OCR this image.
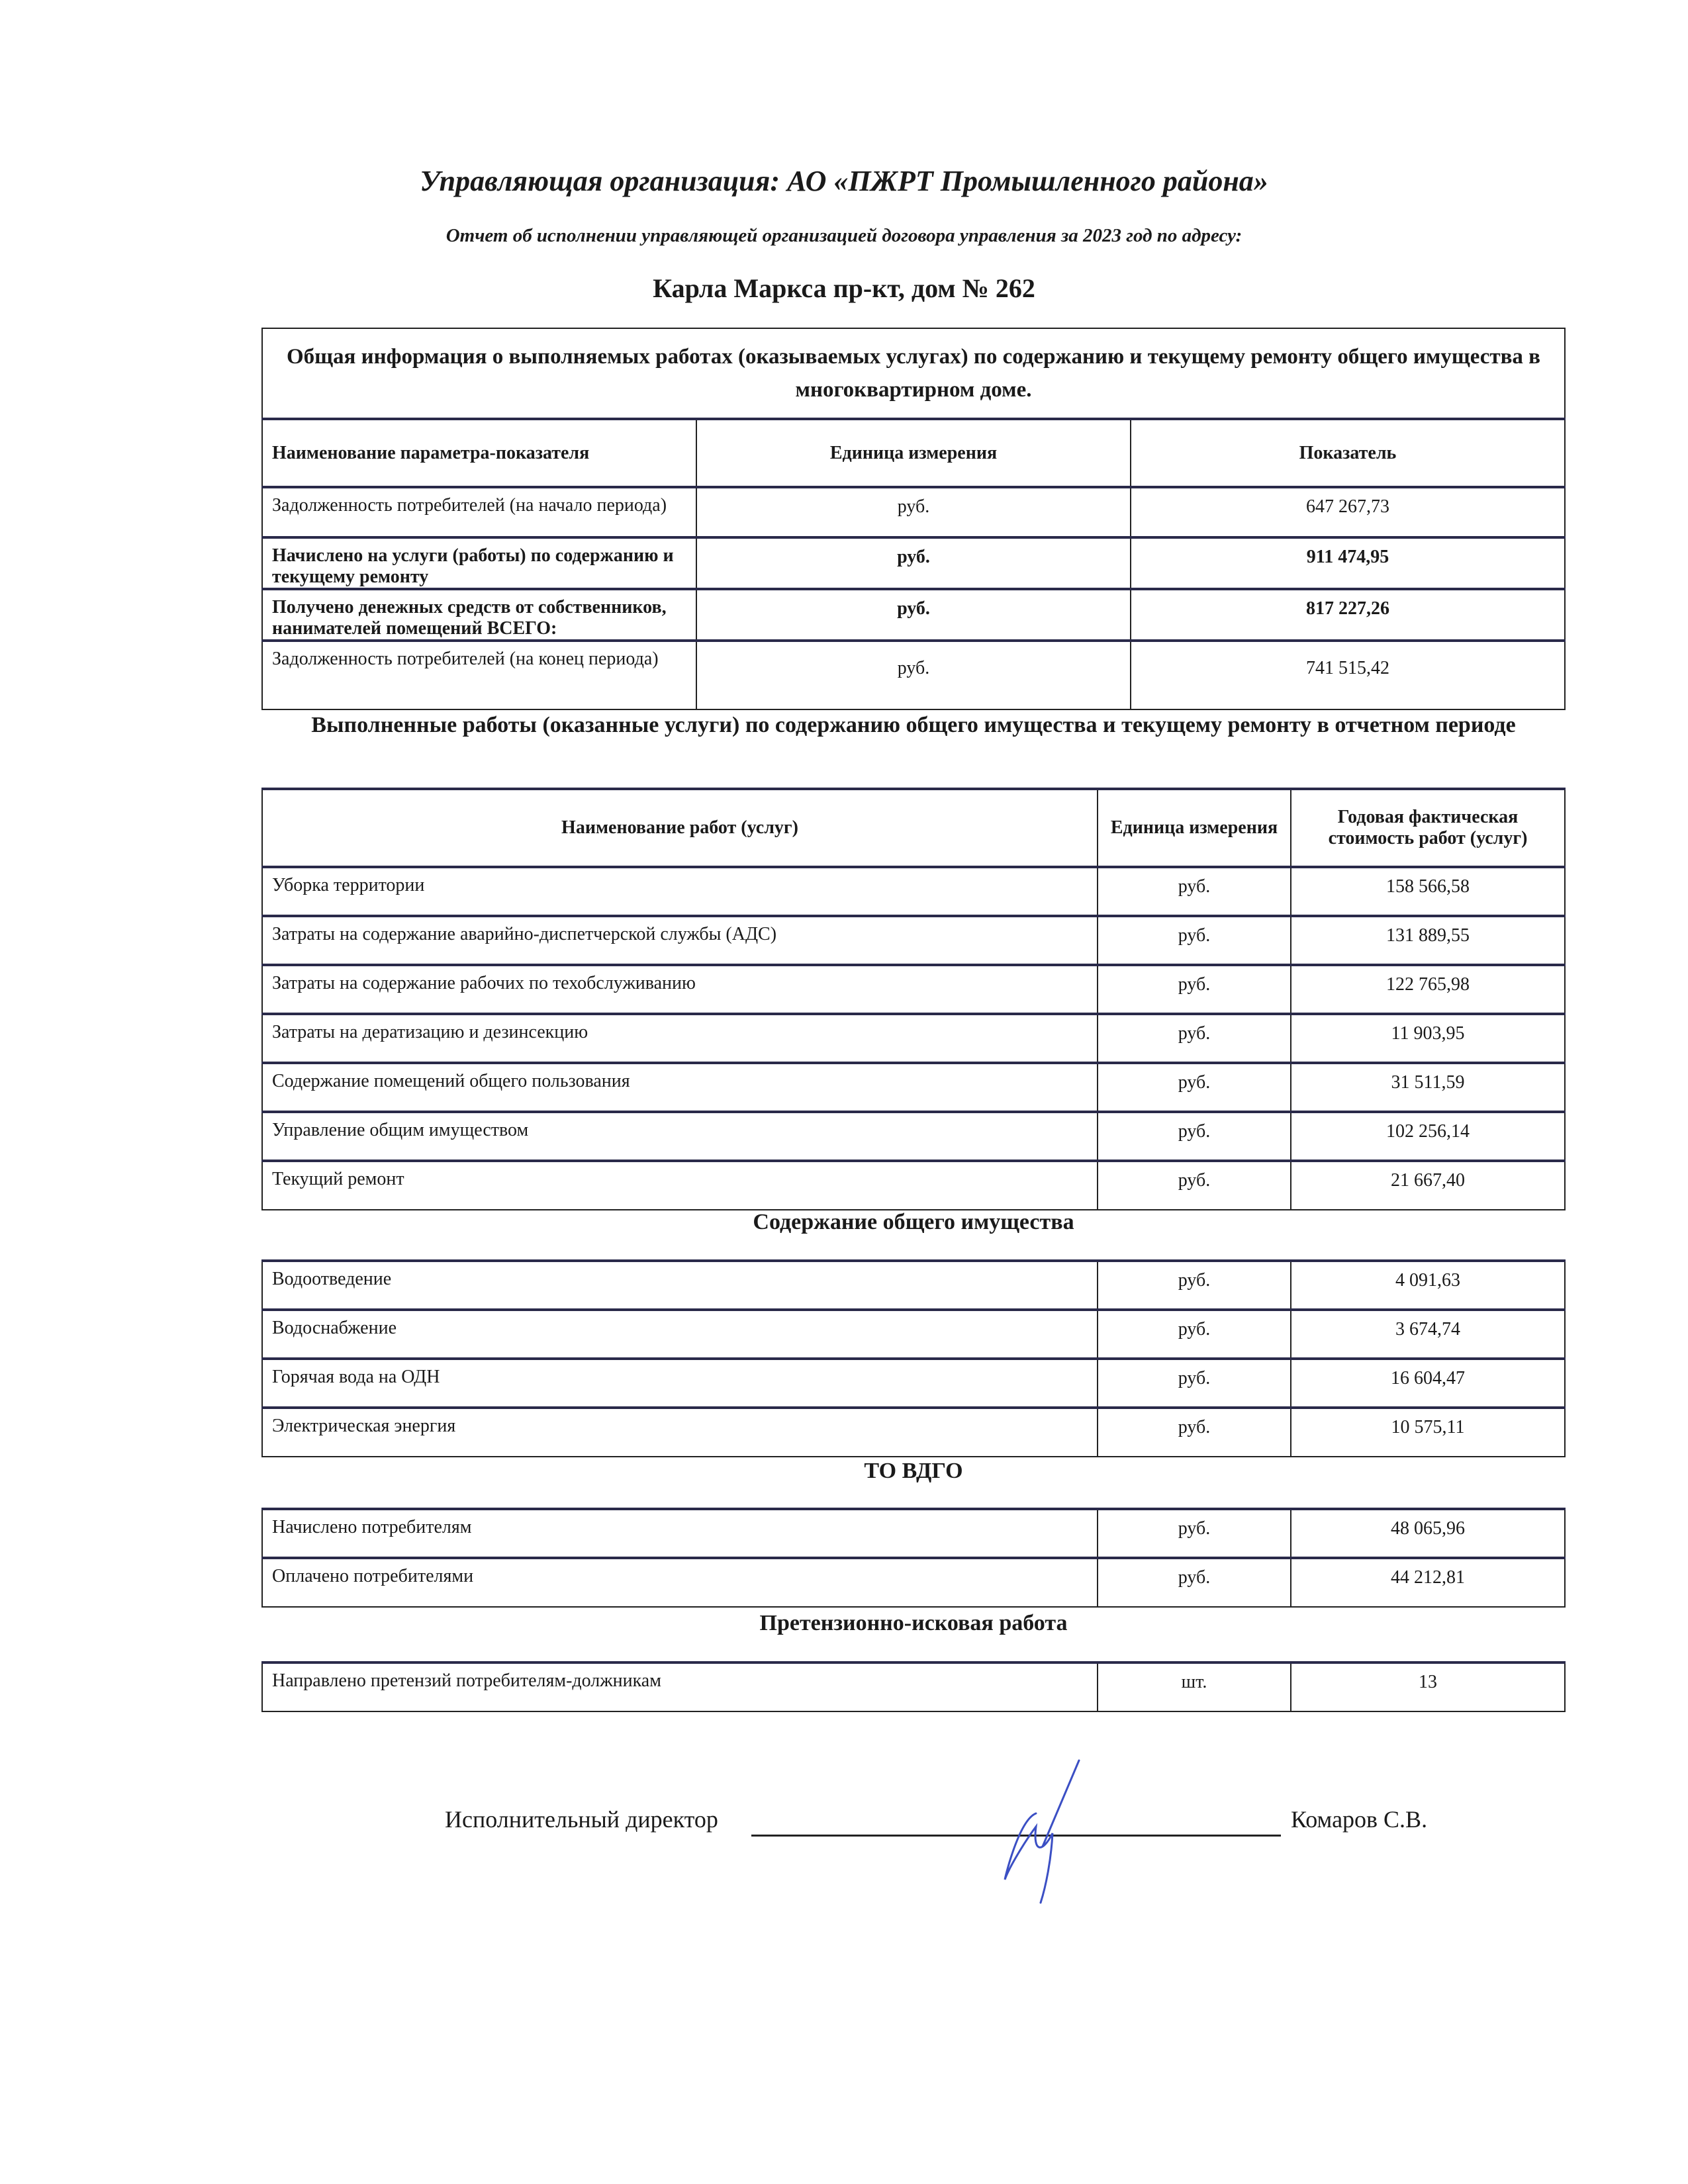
Управляющая организация: АО «ПЖРТ Промышленного района»
Отчет об исполнении управляющей организацией договора управления за 2023 год по адресу:
Карла Маркса пр-кт, дом № 262
Общая информация о выполняемых работах (оказываемых услугах) по содержанию и текущему ремонту общего имущества в многоквартирном доме.		
Наименование параметра-показателя	Единица измерения	Показатель
Задолженность потребителей (на начало периода)	руб.	647 267,73
Начислено на услуги (работы) по содержанию и текущему ремонту	руб.	911 474,95
Получено денежных средств от собственников, нанимателей помещений ВСЕГО:	руб.	817 227,26
Задолженность потребителей (на конец периода)	руб.	741 515,42
Выполненные работы (оказанные услуги) по содержанию общего имущества и текущему ремонту в отчетном периоде
Наименование работ (услуг)	Единица измерения	Годовая фактическая стоимость работ (услуг)
Уборка территории	руб.	158 566,58
Затраты на содержание аварийно-диспетчерской службы (АДС)	руб.	131 889,55
Затраты на содержание рабочих по техобслуживанию	руб.	122 765,98
Затраты на дератизацию и дезинсекцию	руб.	11 903,95
Содержание помещений общего пользования	руб.	31 511,59
Управление общим имуществом	руб.	102 256,14
Текущий ремонт	руб.	21 667,40
Содержание общего имущества
Водоотведение	руб.	4 091,63
Водоснабжение	руб.	3 674,74
Горячая вода на ОДН	руб.	16 604,47
Электрическая энергия	руб.	10 575,11
ТО ВДГО
Начислено потребителям	руб.	48 065,96
Оплачено потребителями	руб.	44 212,81
Претензионно-исковая работа
Направлено претензий потребителям-должникам	шт.	13
Исполнительный директор	Комаров С.В.
